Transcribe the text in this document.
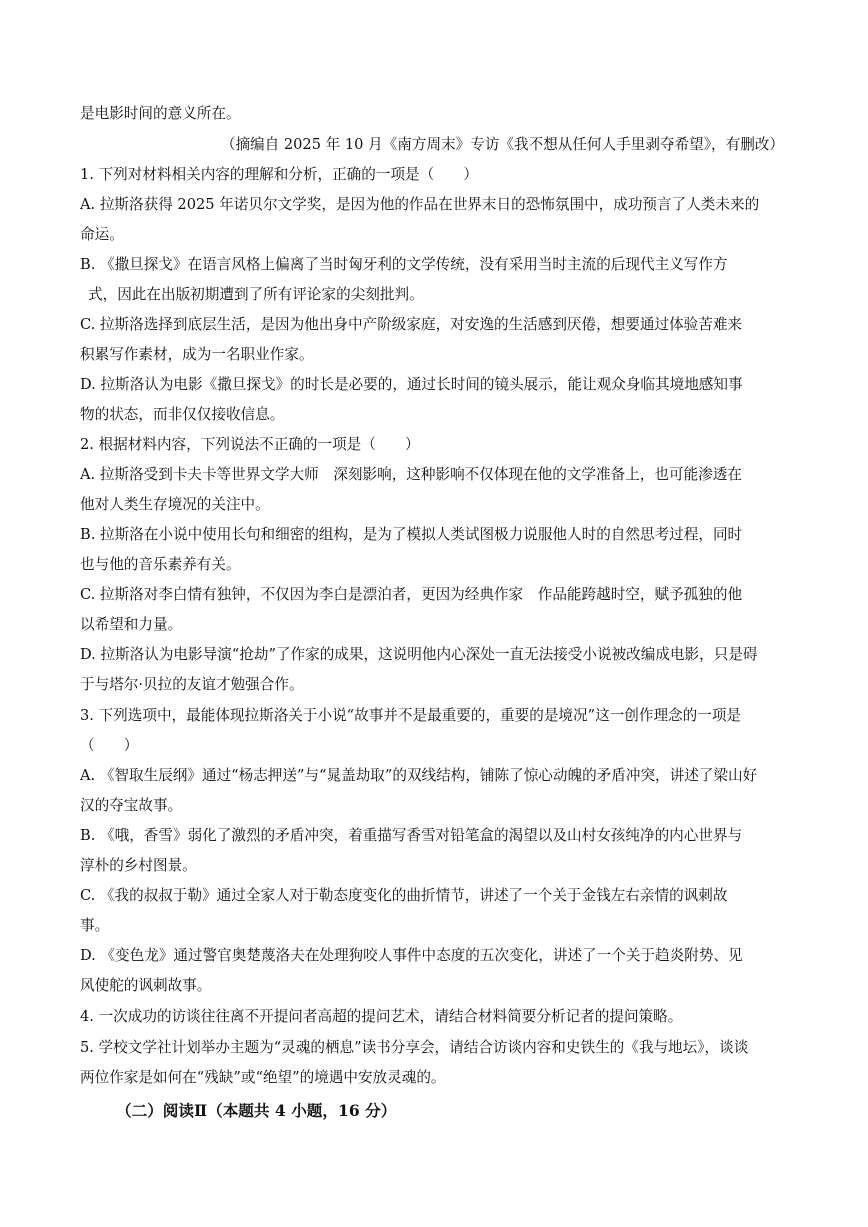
是电影时间的意义所在。
（摘编自 2025 年 10 月《南方周末》专访《我不想从任何人手里剥夺希望》，有删改）
1. 下列对材料相关内容的理解和分析，正确的一项是（　　）
A. 拉斯洛获得 2025 年诺贝尔文学奖，是因为他的作品在世界末日的恐怖氛围中，成功预言了人类未来的
命运。
B. 《撒旦探戈》在语言风格上偏离了当时匈牙利的文学传统，没有采用当时主流的后现代主义写作方
式，因此在出版初期遭到了所有评论家的尖刻批判。
C. 拉斯洛选择到底层生活，是因为他出身中产阶级家庭，对安逸的生活感到厌倦，想要通过体验苦难来
积累写作素材，成为一名职业作家。
D. 拉斯洛认为电影《撒旦探戈》的时长是必要的，通过长时间的镜头展示，能让观众身临其境地感知事
物的状态，而非仅仅接收信息。
2. 根据材料内容，下列说法不正确的一项是（　　）
A. 拉斯洛受到卡夫卡等世界文学大师　深刻影响，这种影响不仅体现在他的文学准备上，也可能渗透在
他对人类生存境况的关注中。
B. 拉斯洛在小说中使用长句和细密的组构，是为了模拟人类试图极力说服他人时的自然思考过程，同时
也与他的音乐素养有关。
C. 拉斯洛对李白情有独钟，不仅因为李白是漂泊者，更因为经典作家　作品能跨越时空，赋予孤独的他
以希望和力量。
D. 拉斯洛认为电影导演“抢劫”了作家的成果，这说明他内心深处一直无法接受小说被改编成电影，只是碍
于与塔尔·贝拉的友谊才勉强合作。
3. 下列选项中，最能体现拉斯洛关于小说“故事并不是最重要的，重要的是境况”这一创作理念的一项是
（　　）
A. 《智取生辰纲》通过“杨志押送”与“晁盖劫取”的双线结构，铺陈了惊心动魄的矛盾冲突，讲述了梁山好
汉的夺宝故事。
B. 《哦，香雪》弱化了激烈的矛盾冲突，着重描写香雪对铅笔盒的渴望以及山村女孩纯净的内心世界与
淳朴的乡村图景。
C. 《我的叔叔于勒》通过全家人对于勒态度变化的曲折情节，讲述了一个关于金钱左右亲情的讽刺故
事。
D. 《变色龙》通过警官奥楚蔑洛夫在处理狗咬人事件中态度的五次变化，讲述了一个关于趋炎附势、见
风使舵的讽刺故事。
4. 一次成功的访谈往往离不开提问者高超的提问艺术，请结合材料简要分析记者的提问策略。
5. 学校文学社计划举办主题为“灵魂的栖息”读书分享会，请结合访谈内容和史铁生的《我与地坛》，谈谈
两位作家是如何在“残缺”或“绝望”的境遇中安放灵魂的。
（二）阅读Ⅱ（本题共 4 小题，16 分）
